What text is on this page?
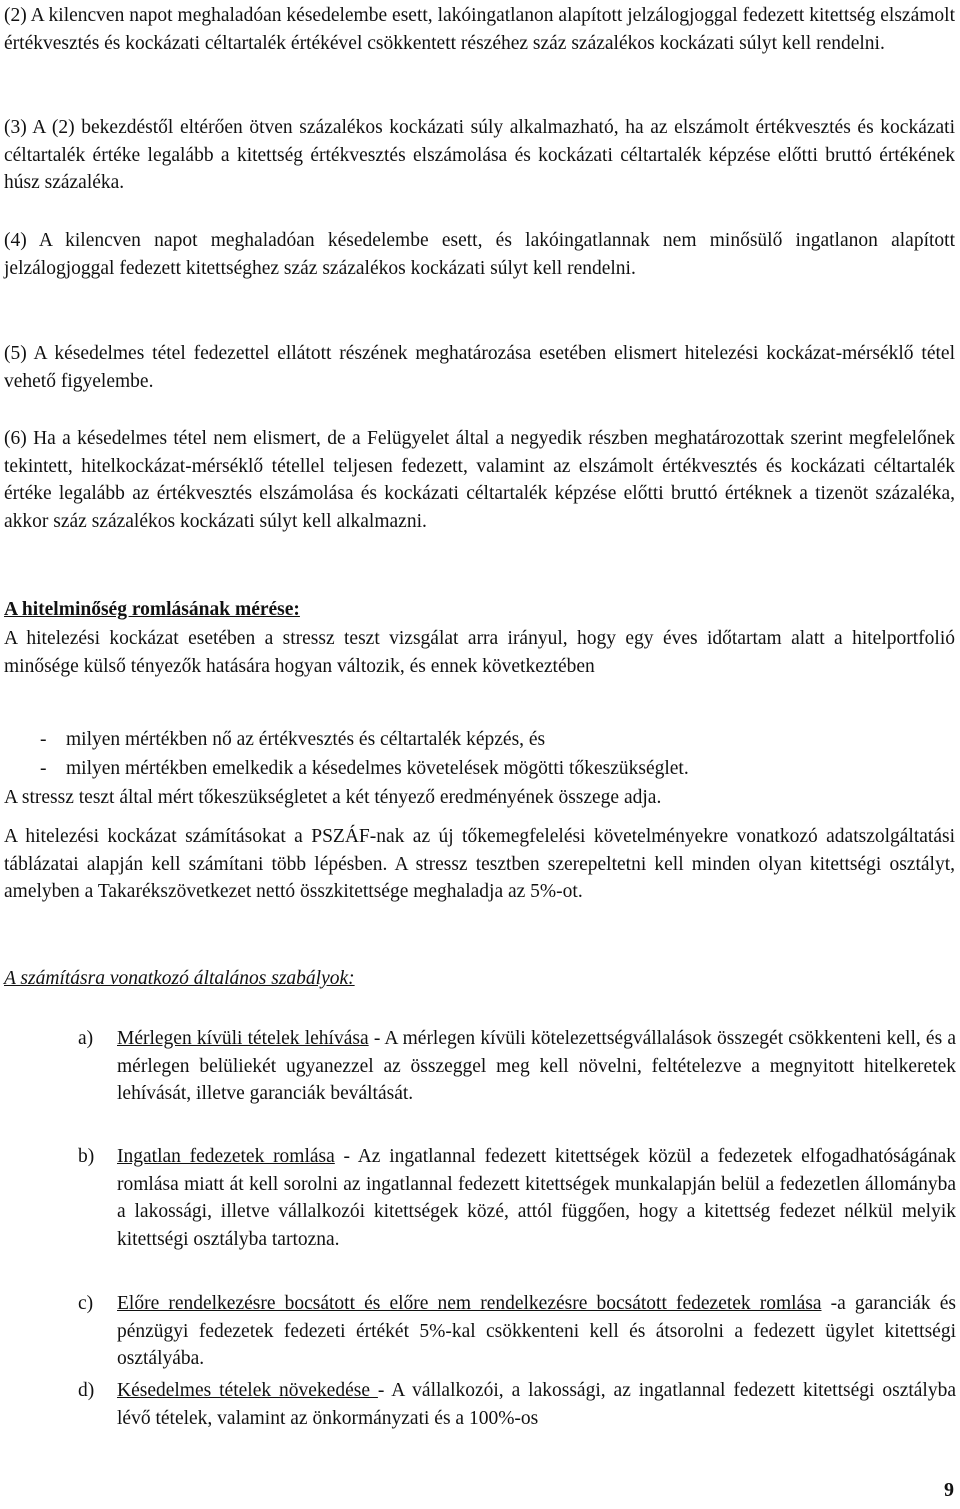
(2) A kilencven napot meghaladóan késedelembe esett, lakóingatlanon alapított jelzálogjoggal fedezett kitettség elszámolt értékvesztés és kockázati céltartalék értékével csökkentett részéhez száz százalékos kockázati súlyt kell rendelni.

(3) A (2) bekezdéstől eltérően ötven százalékos kockázati súly alkalmazható, ha az elszámolt értékvesztés és kockázati céltartalék értéke legalább a kitettség értékvesztés elszámolása és kockázati céltartalék képzése előtti bruttó értékének húsz százaléka.

(4) A kilencven napot meghaladóan késedelembe esett, és lakóingatlannak nem minősülő ingatlanon alapított jelzálogjoggal fedezett kitettséghez száz százalékos kockázati súlyt kell rendelni.

(5) A késedelmes tétel fedezettel ellátott részének meghatározása esetében elismert hitelezési kockázat-mérséklő tétel vehető figyelembe.

(6) Ha a késedelmes tétel nem elismert, de a Felügyelet által a negyedik részben meghatározottak szerint megfelelőnek tekintett, hitelkockázat-mérséklő tétellel teljesen fedezett, valamint az elszámolt értékvesztés és kockázati céltartalék értéke legalább az értékvesztés elszámolása és kockázati céltartalék képzése előtti bruttó értéknek a tizenöt százaléka, akkor száz százalékos kockázati súlyt kell alkalmazni.

A hitelminőség romlásának mérése:

A hitelezési kockázat esetében a stressz teszt vizsgálat arra irányul, hogy egy éves időtartam alatt a hitelportfolió minősége külső tényezők hatására hogyan változik, és ennek következtében

- milyen mértékben nő az értékvesztés és céltartalék képzés, és

- milyen mértékben emelkedik a késedelmes követelések mögötti tőkeszükséglet.

A stressz teszt által mért tőkeszükségletet a két tényező eredményének összege adja.

A hitelezési kockázat számításokat a PSZÁF-nak az új tőkemegfelelési követelményekre vonatkozó adatszolgáltatási táblázatai alapján kell számítani több lépésben. A stressz tesztben szerepeltetni kell minden olyan kitettségi osztályt, amelyben a Takarékszövetkezet nettó összkitettsége meghaladja az 5%-ot.

A számításra vonatkozó általános szabályok:

a)	Mérlegen kívüli tételek lehívása - A mérlegen kívüli kötelezettségvállalások összegét csökkenteni kell, és a mérlegen belüliekét ugyanezzel az összeggel meg kell növelni, feltételezve a megnyitott hitelkeretek lehívását, illetve garanciák beváltását.
b)	Ingatlan fedezetek romlása - Az ingatlannal fedezett kitettségek közül a fedezetek elfogadhatóságának romlása miatt át kell sorolni az ingatlannal fedezett kitettségek munkalapján belül a fedezetlen állományba a lakossági, illetve vállalkozói kitettségek közé, attól függően, hogy a kitettség fedezet nélkül melyik kitettségi osztályba tartozna.
c)	Előre rendelkezésre bocsátott és előre nem rendelkezésre bocsátott fedezetek romlása -a garanciák és pénzügyi fedezetek fedezeti értékét 5%-kal csökkenteni kell és átsorolni a fedezett ügylet kitettségi osztályába.
d)	Késedelmes tételek növekedése - A vállalkozói, a lakossági, az ingatlannal fedezett kitettségi osztályba lévő tételek, valamint az önkormányzati és a 100%-os
9
